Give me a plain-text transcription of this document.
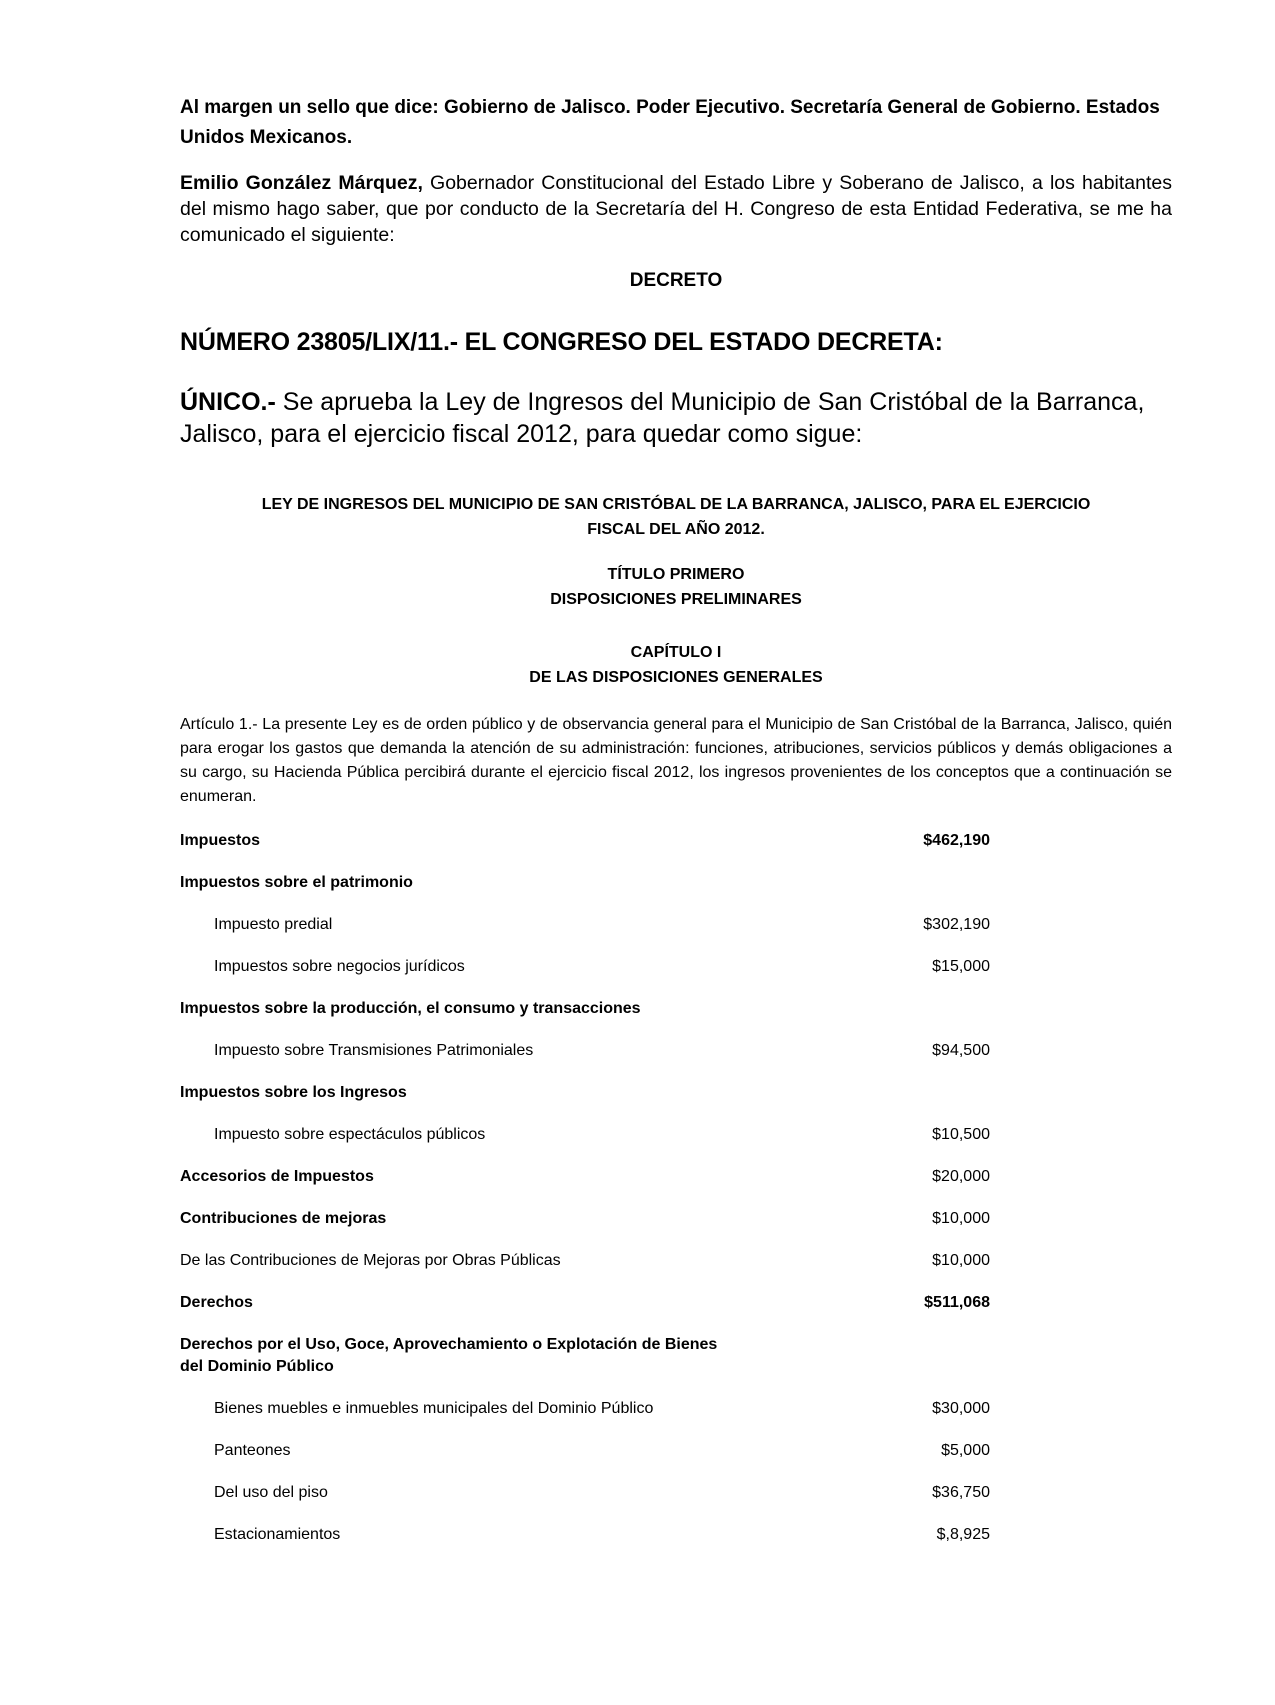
Al margen un sello que dice: Gobierno de Jalisco. Poder Ejecutivo. Secretaría General de Gobierno. Estados Unidos Mexicanos.
Emilio González Márquez, Gobernador Constitucional del Estado Libre y Soberano de Jalisco, a los habitantes del mismo hago saber, que por conducto de la Secretaría del H. Congreso de esta Entidad Federativa, se me ha comunicado el siguiente:
DECRETO
NÚMERO 23805/LIX/11.- EL CONGRESO DEL ESTADO DECRETA:
ÚNICO.- Se aprueba la Ley de Ingresos del Municipio de San Cristóbal de la Barranca, Jalisco, para el ejercicio fiscal 2012, para quedar como sigue:
LEY DE INGRESOS DEL MUNICIPIO DE SAN CRISTÓBAL DE LA BARRANCA, JALISCO, PARA EL EJERCICIO
FISCAL DEL AÑO 2012.
TÍTULO PRIMERO
DISPOSICIONES PRELIMINARES
CAPÍTULO I
DE LAS DISPOSICIONES GENERALES
Artículo 1.- La presente Ley es de orden público y de observancia general para el Municipio de San Cristóbal de la Barranca, Jalisco, quién para erogar los gastos que demanda la atención de su administración: funciones, atribuciones, servicios públicos y demás obligaciones a su cargo, su Hacienda Pública percibirá durante el ejercicio fiscal 2012, los ingresos provenientes de los conceptos que a continuación se enumeran.
Impuestos	$462,190
Impuestos sobre el patrimonio
Impuesto predial	$302,190
Impuestos sobre negocios jurídicos	$15,000
Impuestos sobre la producción, el consumo y transacciones
Impuesto sobre Transmisiones Patrimoniales	$94,500
Impuestos sobre los Ingresos
Impuesto sobre espectáculos públicos	$10,500
Accesorios de Impuestos	$20,000
Contribuciones de mejoras	$10,000
De las Contribuciones de Mejoras por Obras Públicas	$10,000
Derechos	$511,068
Derechos por el Uso, Goce, Aprovechamiento o Explotación de Bienes del Dominio Público
Bienes muebles e inmuebles municipales del Dominio Público	$30,000
Panteones	$5,000
Del uso del piso	$36,750
Estacionamientos	$,8,925
